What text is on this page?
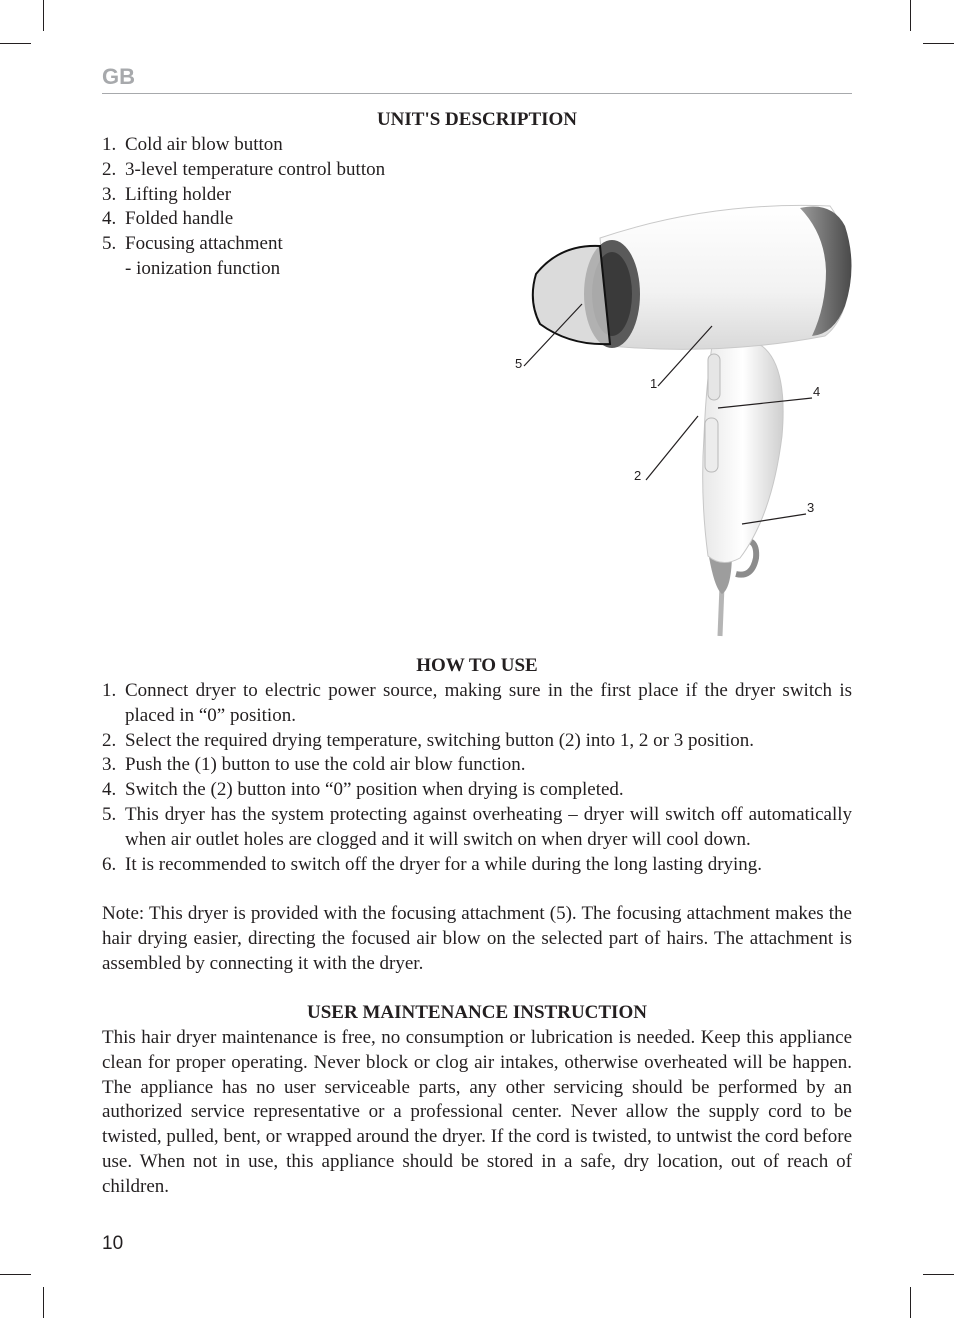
GB
UNIT'S DESCRIPTION
1. Cold air blow button
2. 3-level temperature control button
3. Lifting holder
4. Folded handle
5. Focusing attachment
- ionization function
5
1
4
2
3
HOW TO USE
1. Connect dryer to electric power source, making sure in the first place if the dryer switch is placed in “0” position.
2. Select the required drying temperature, switching button (2) into 1, 2 or 3 position.
3. Push the (1) button to use the cold air blow function.
4. Switch the (2) button into “0” position when drying is completed.
5. This dryer has the system protecting against overheating – dryer will switch off automatically when air outlet holes are clogged and it will switch on when dryer will cool down.
6. It is recommended to switch off the dryer for a while during the long lasting drying.
Note: This dryer is provided with the focusing attachment (5). The focusing attachment makes the hair drying easier, directing the focused air blow on the selected part of hairs. The attachment is assembled by connecting it with the dryer.
USER MAINTENANCE INSTRUCTION
This hair dryer maintenance is free, no consumption or lubrication is needed. Keep this appliance clean for proper operating. Never block or clog air intakes, otherwise overheated will be happen. The appliance has no user serviceable parts, any other servicing should be performed by an authorized service representative or a professional center. Never allow the supply cord to be twisted, pulled, bent, or wrapped around the dryer. If the cord is twisted, to untwist the cord before use. When not in use, this appliance should be stored in a safe, dry location, out of reach of children.
10
